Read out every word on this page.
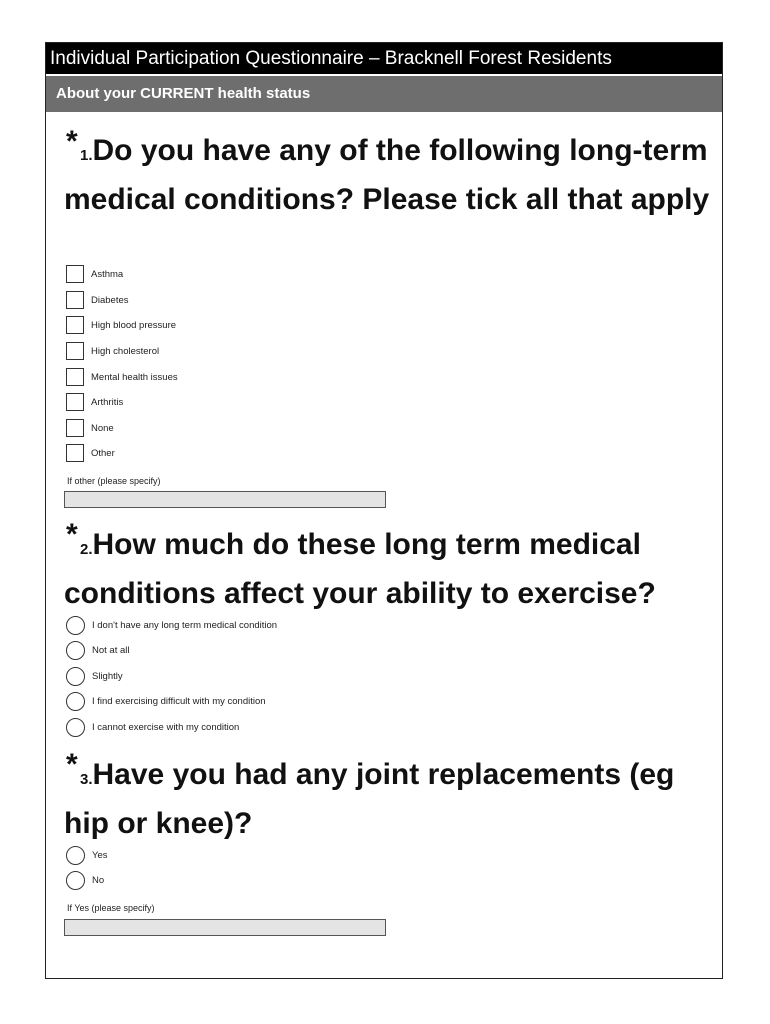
Individual Participation Questionnaire – Bracknell Forest Residents
About your CURRENT health status
* 1.Do you have any of the following long-term medical conditions? Please tick all that apply
Asthma
Diabetes
High blood pressure
High cholesterol
Mental health issues
Arthritis
None
Other
If other (please specify)
* 2.How much do these long term medical conditions affect your ability to exercise?
I don't have any long term medical condition
Not at all
Slightly
I find exercising difficult with my condition
I cannot exercise with my condition
* 3.Have you had any joint replacements (eg hip or knee)?
Yes
No
If Yes (please specify)
